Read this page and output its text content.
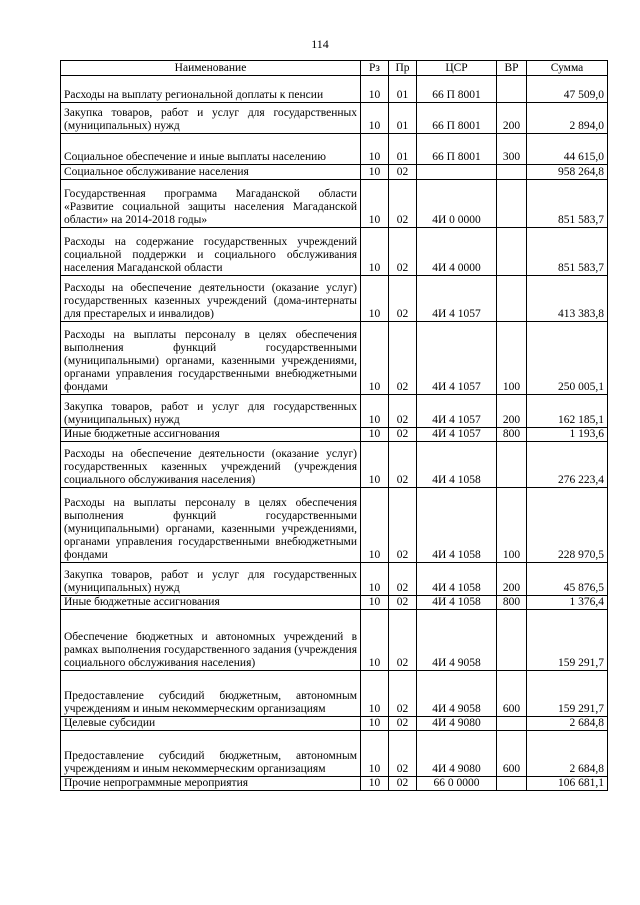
114
Наименование	Рз	Пр	ЦСР	ВР	Сумма
Расходы на выплату региональной доплаты к пенсии	10	01	66 П 8001		47 509,0
Закупка товаров, работ и услуг для государственных (муниципальных) нужд	10	01	66 П 8001	200	2 894,0
Социальное обеспечение и иные выплаты населению	10	01	66 П 8001	300	44 615,0
Социальное обслуживание населения	10	02			958 264,8
Государственная программа Магаданской области «Развитие социальной защиты населения Магаданской области» на 2014-2018 годы»	10	02	4И 0 0000		851 583,7
Расходы на содержание государственных учреждений социальной поддержки и социального обслуживания населения Магаданской области	10	02	4И 4 0000		851 583,7
Расходы на обеспечение деятельности (оказание услуг) государственных казенных учреждений (дома-интернаты для престарелых и инвалидов)	10	02	4И 4 1057		413 383,8
Расходы на выплаты персоналу в целях обеспечения выполнения функций государственными (муниципальными) органами, казенными учреждениями, органами управления государственными внебюджетными фондами	10	02	4И 4 1057	100	250 005,1
Закупка товаров, работ и услуг для государственных (муниципальных) нужд	10	02	4И 4 1057	200	162 185,1
Иные бюджетные ассигнования	10	02	4И 4 1057	800	1 193,6
Расходы на обеспечение деятельности (оказание услуг) государственных казенных учреждений (учреждения социального обслуживания населения)	10	02	4И 4 1058		276 223,4
Расходы на выплаты персоналу в целях обеспечения выполнения функций государственными (муниципальными) органами, казенными учреждениями, органами управления государственными внебюджетными фондами	10	02	4И 4 1058	100	228 970,5
Закупка товаров, работ и услуг для государственных (муниципальных) нужд	10	02	4И 4 1058	200	45 876,5
Иные бюджетные ассигнования	10	02	4И 4 1058	800	1 376,4
Обеспечение бюджетных и автономных учреждений в рамках выполнения государственного задания (учреждения социального обслуживания населения)	10	02	4И 4 9058		159 291,7
Предоставление субсидий бюджетным, автономным учреждениям и иным некоммерческим организациям	10	02	4И 4 9058	600	159 291,7
Целевые субсидии	10	02	4И 4 9080		2 684,8
Предоставление субсидий бюджетным, автономным учреждениям и иным некоммерческим организациям	10	02	4И 4 9080	600	2 684,8
Прочие непрограммные мероприятия	10	02	66 0 0000		106 681,1
